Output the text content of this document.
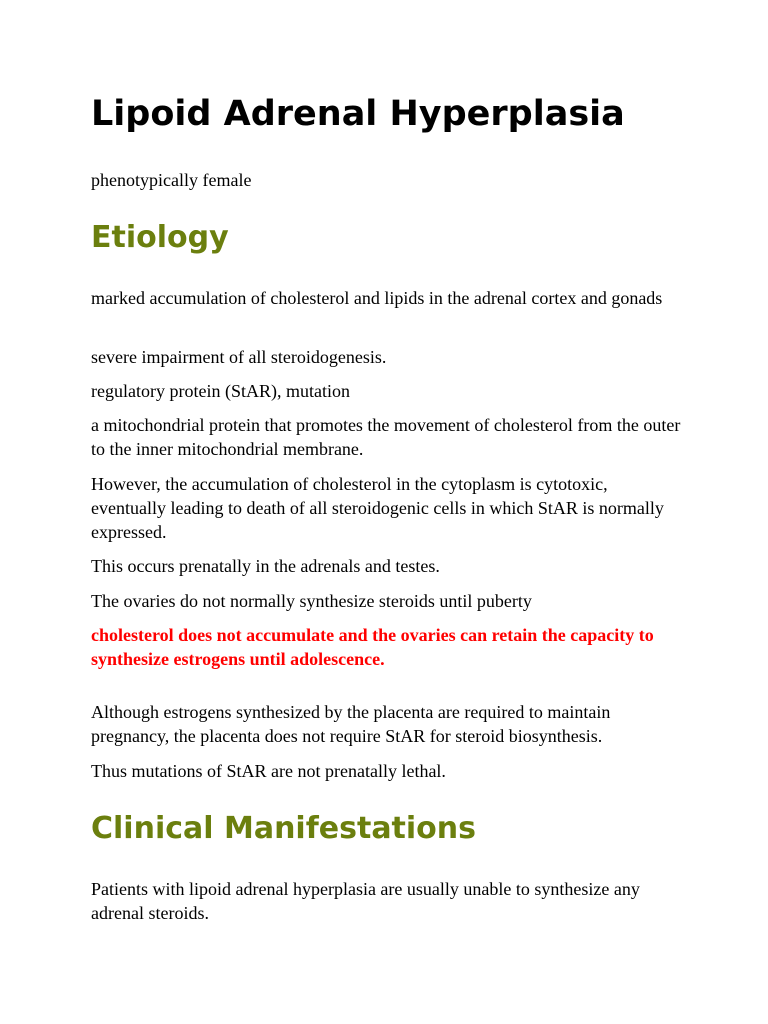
Lipoid Adrenal Hyperplasia

phenotypically female

Etiology

marked accumulation of cholesterol and lipids in the adrenal cortex and gonads

severe impairment of all steroidogenesis.

regulatory protein (StAR), mutation

a mitochondrial protein that promotes the movement of cholesterol from the outer to the inner mitochondrial membrane.

However, the accumulation of cholesterol in the cytoplasm is cytotoxic, eventually leading to death of all steroidogenic cells in which StAR is normally expressed.

This occurs prenatally in the adrenals and testes.

The ovaries do not normally synthesize steroids until puberty

cholesterol does not accumulate and the ovaries can retain the capacity to synthesize estrogens until adolescence.

Although estrogens synthesized by the placenta are required to maintain pregnancy, the placenta does not require StAR for steroid biosynthesis.

Thus mutations of StAR are not prenatally lethal.

Clinical Manifestations

Patients with lipoid adrenal hyperplasia are usually unable to synthesize any adrenal steroids.
